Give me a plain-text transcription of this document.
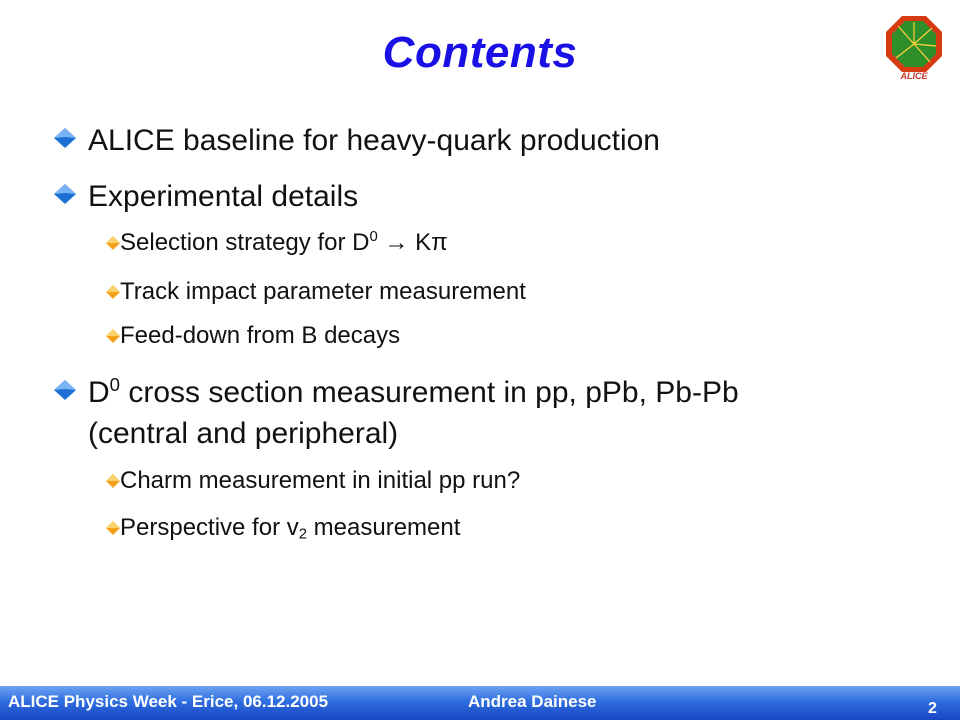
Contents	ALICE
ALICE baseline for heavy-quark production
Experimental details
Selection strategy for $D^0 \to K\pi$
Track impact parameter measurement
Feed-down from B decays
$D^0$ cross section measurement in pp, pPb, Pb-Pb
(central and peripheral)
Charm measurement in initial pp run?
Perspective for $v_2$ measurement
ALICE Physics Week - Erice, 06.12.2005	Andrea Dainese	2
